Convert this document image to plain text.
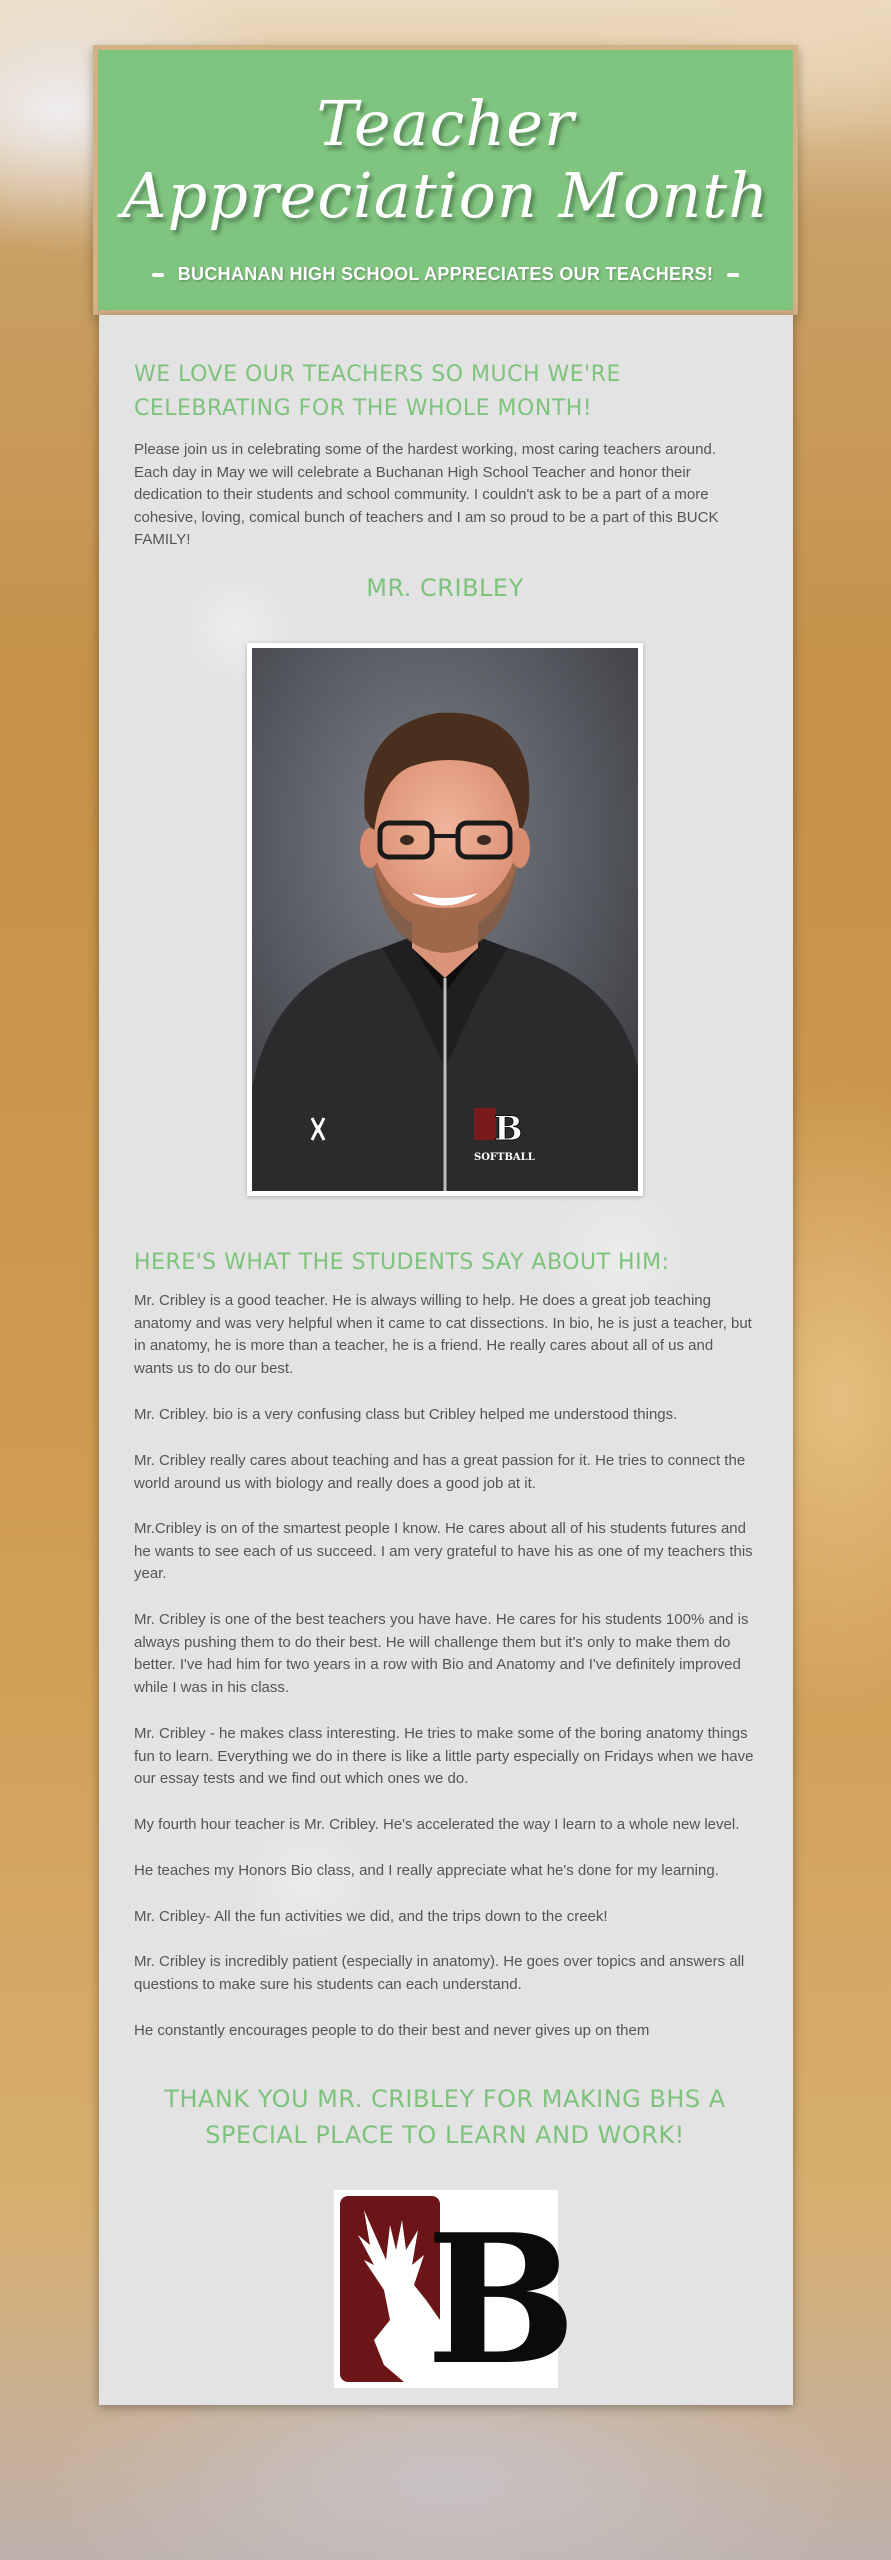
Teacher
Appreciation Month
BUCHANAN HIGH SCHOOL APPRECIATES OUR TEACHERS!
WE LOVE OUR TEACHERS SO MUCH WE'RE CELEBRATING FOR THE WHOLE MONTH!
Please join us in celebrating some of the hardest working, most caring teachers around. Each day in May we will celebrate a Buchanan High School Teacher and honor their dedication to their students and school community. I couldn't ask to be a part of a more cohesive, loving, comical bunch of teachers and I am so proud to be a part of this BUCK FAMILY!
MR. CRIBLEY
B
SOFTBALL
HERE'S WHAT THE STUDENTS SAY ABOUT HIM:
Mr. Cribley is a good teacher. He is always willing to help. He does a great job teaching anatomy and was very helpful when it came to cat dissections. In bio, he is just a teacher, but in anatomy, he is more than a teacher, he is a friend. He really cares about all of us and wants us to do our best.
Mr. Cribley. bio is a very confusing class but Cribley helped me understood things.
Mr. Cribley really cares about teaching and has a great passion for it. He tries to connect the world around us with biology and really does a good job at it.
Mr.Cribley is on of the smartest people I know. He cares about all of his students futures and he wants to see each of us succeed. I am very grateful to have his as one of my teachers this year.
Mr. Cribley is one of the best teachers you have have. He cares for his students 100% and is always pushing them to do their best. He will challenge them but it's only to make them do better. I've had him for two years in a row with Bio and Anatomy and I've definitely improved while I was in his class.
Mr. Cribley - he makes class interesting. He tries to make some of the boring anatomy things fun to learn. Everything we do in there is like a little party especially on Fridays when we have our essay tests and we find out which ones we do.
My fourth hour teacher is Mr. Cribley. He's accelerated the way I learn to a whole new level.
He teaches my Honors Bio class, and I really appreciate what he's done for my learning.
Mr. Cribley- All the fun activities we did, and the trips down to the creek!
Mr. Cribley is incredibly patient (especially in anatomy). He goes over topics and answers all questions to make sure his students can each understand.
He constantly encourages people to do their best and never gives up on them
THANK YOU MR. CRIBLEY FOR MAKING BHS A SPECIAL PLACE TO LEARN AND WORK!
B
